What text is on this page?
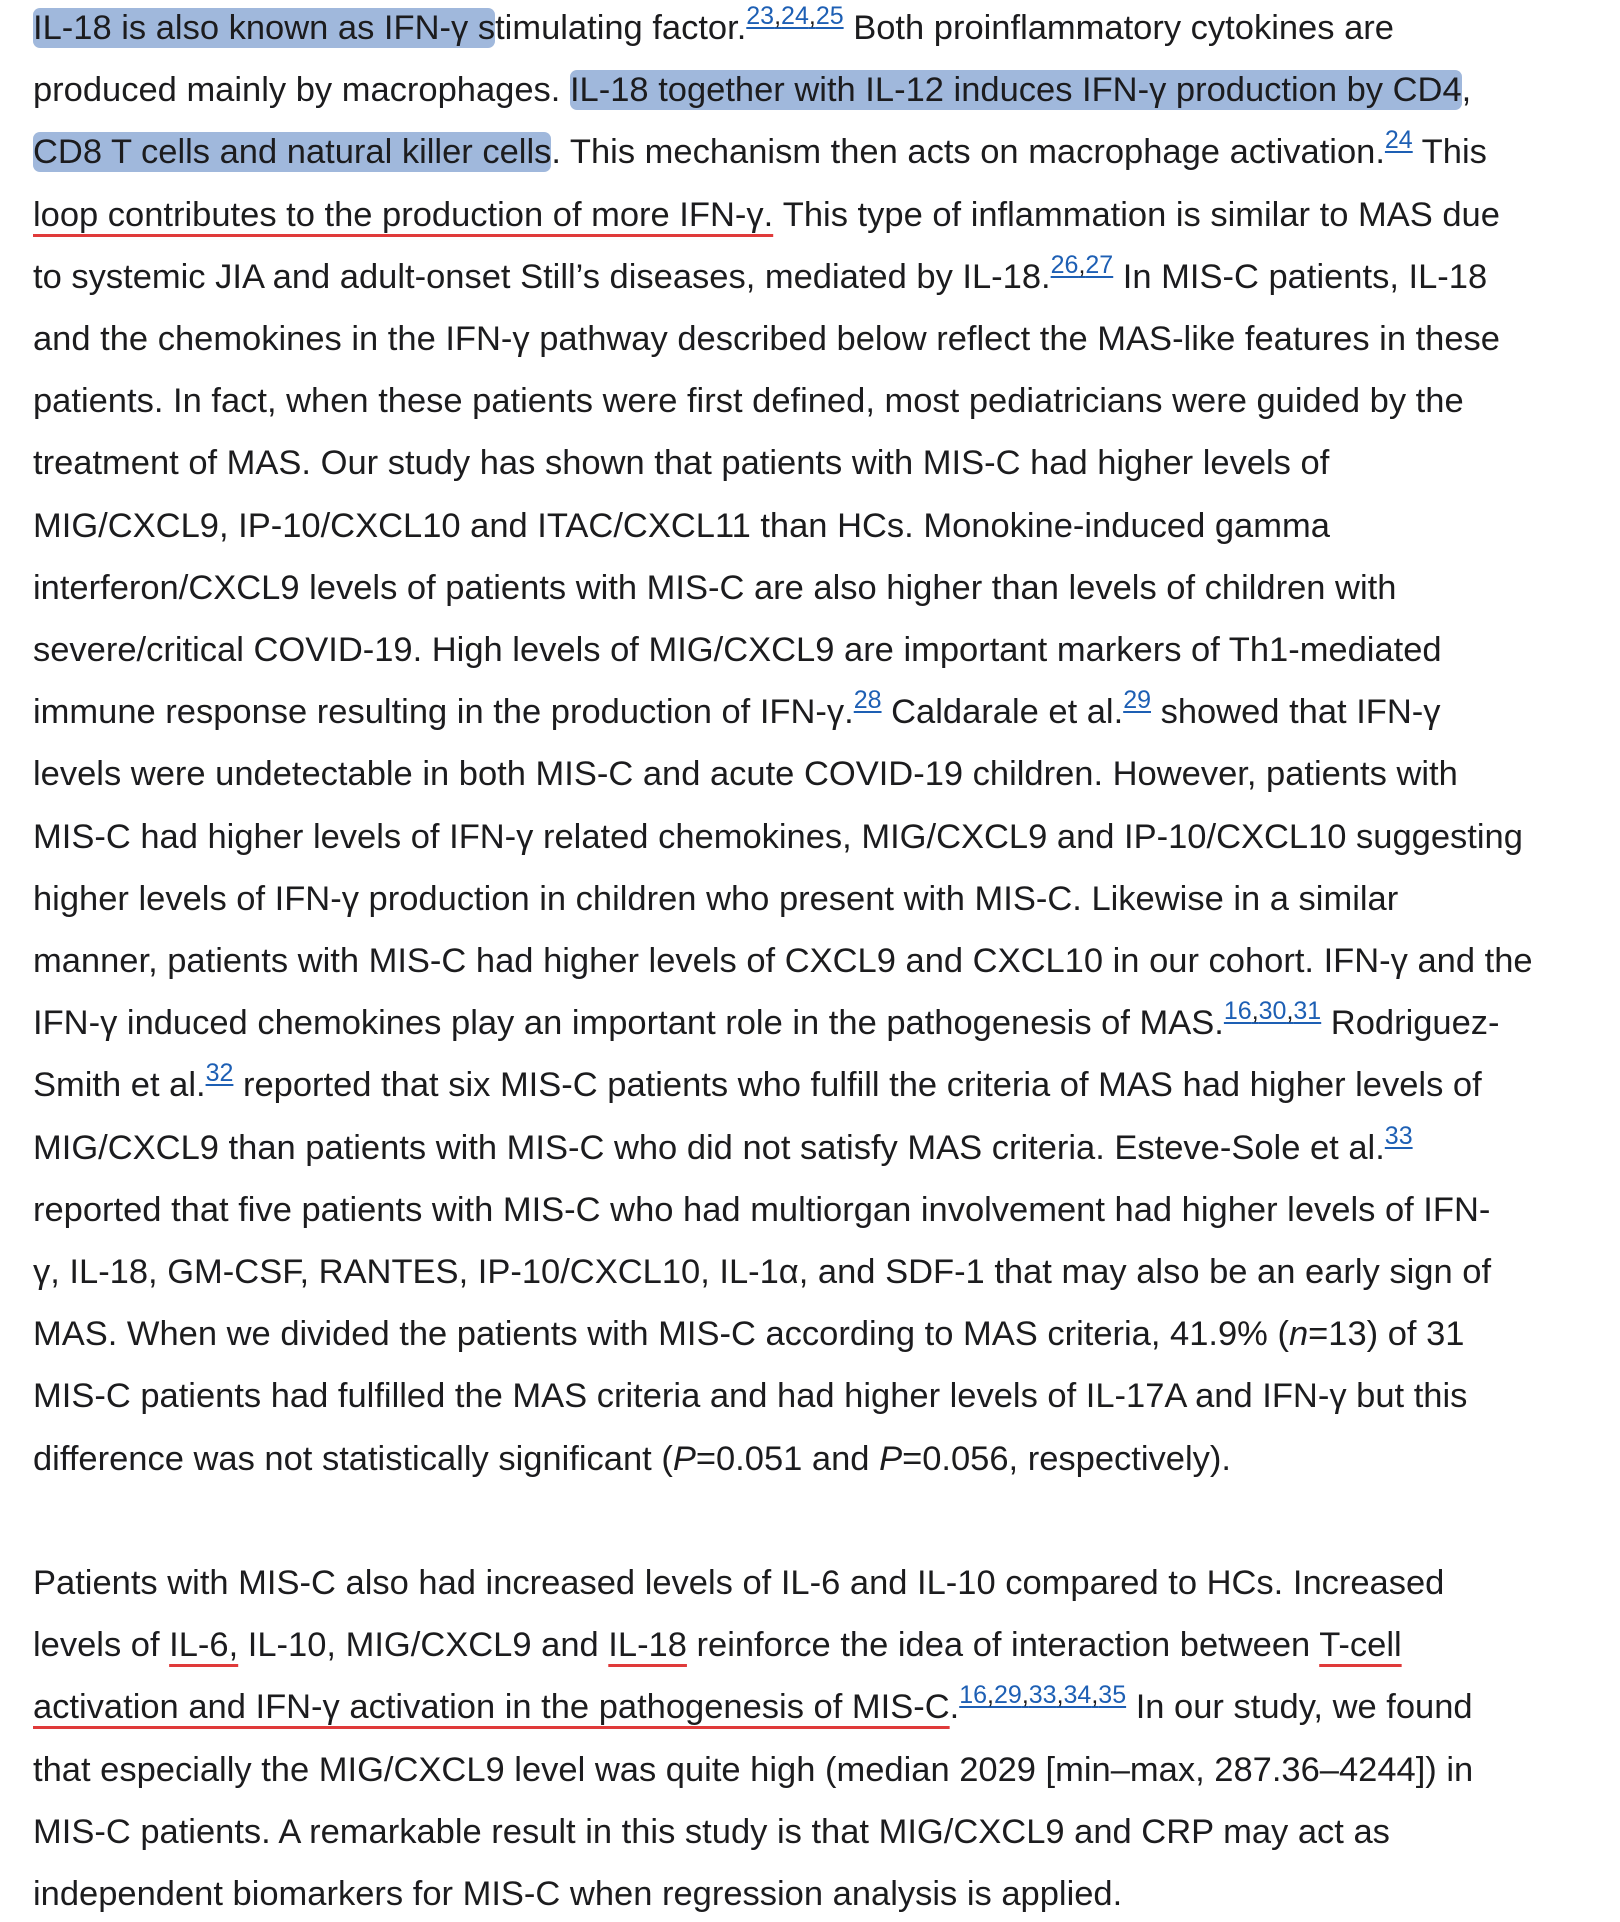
IL-18 is also known as IFN-γ stimulating factor.$^{23,24,25}$ Both proinflammatory cytokines are
produced mainly by macrophages. IL-18 together with IL-12 induces IFN-γ production by CD4,
CD8 T cells and natural killer cells. This mechanism then acts on macrophage activation.$^{24}$ This
loop contributes to the production of more IFN-γ. This type of inflammation is similar to MAS due
to systemic JIA and adult-onset Still’s diseases, mediated by IL-18.$^{26,27}$ In MIS-C patients, IL-18
and the chemokines in the IFN-γ pathway described below reflect the MAS-like features in these
patients. In fact, when these patients were first defined, most pediatricians were guided by the
treatment of MAS. Our study has shown that patients with MIS-C had higher levels of
MIG/CXCL9, IP-10/CXCL10 and ITAC/CXCL11 than HCs. Monokine-induced gamma
interferon/CXCL9 levels of patients with MIS-C are also higher than levels of children with
severe/critical COVID-19. High levels of MIG/CXCL9 are important markers of Th1-mediated
immune response resulting in the production of IFN-γ.$^{28}$ Caldarale et al.$^{29}$ showed that IFN-γ
levels were undetectable in both MIS-C and acute COVID-19 children. However, patients with
MIS-C had higher levels of IFN-γ related chemokines, MIG/CXCL9 and IP-10/CXCL10 suggesting
higher levels of IFN-γ production in children who present with MIS-C. Likewise in a similar
manner, patients with MIS-C had higher levels of CXCL9 and CXCL10 in our cohort. IFN-γ and the
IFN-γ induced chemokines play an important role in the pathogenesis of MAS.$^{16,30,31}$ Rodriguez-
Smith et al.$^{32}$ reported that six MIS-C patients who fulfill the criteria of MAS had higher levels of
MIG/CXCL9 than patients with MIS-C who did not satisfy MAS criteria. Esteve-Sole et al.$^{33}$
reported that five patients with MIS-C who had multiorgan involvement had higher levels of IFN-
γ, IL-18, GM-CSF, RANTES, IP-10/CXCL10, IL-1α, and SDF-1 that may also be an early sign of
MAS. When we divided the patients with MIS-C according to MAS criteria, 41.9% (n=13) of 31
MIS-C patients had fulfilled the MAS criteria and had higher levels of IL-17A and IFN-γ but this
difference was not statistically significant (P=0.051 and P=0.056, respectively).
Patients with MIS-C also had increased levels of IL-6 and IL-10 compared to HCs. Increased
levels of IL-6, IL-10, MIG/CXCL9 and IL-18 reinforce the idea of interaction between T-cell
activation and IFN-γ activation in the pathogenesis of MIS-C.$^{16,29,33,34,35}$ In our study, we found
that especially the MIG/CXCL9 level was quite high (median 2029 [min–max, 287.36–4244]) in
MIS-C patients. A remarkable result in this study is that MIG/CXCL9 and CRP may act as
independent biomarkers for MIS-C when regression analysis is applied.
